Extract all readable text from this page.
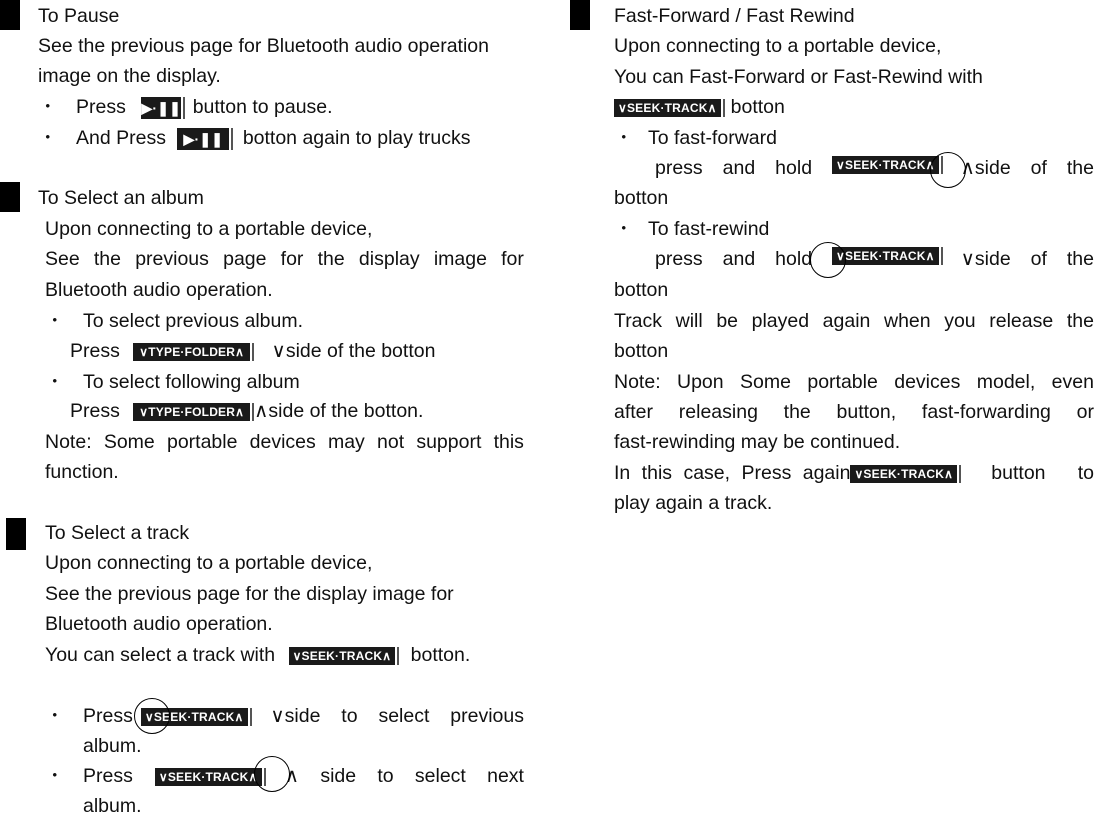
To Pause
See the previous page for Bluetooth audio operation
image on the display.
・ Press ▶·❚❚ button to pause.
・ And Press ▶·❚❚ botton again to play trucks
To Select an album
Upon connecting to a portable device,
See the previous page for the display image for
Bluetooth audio operation.
・ To select previous album.
Press ∨TYPE·FOLDER∧ ∨side of the botton
・ To select following album
Press ∨TYPE·FOLDER∧ ∧side of the botton.
Note: Some portable devices may not support this
function.
To Select a track
Upon connecting to a portable device,
See the previous page for the display image for
Bluetooth audio operation.
You can select a track with ∨SEEK·TRACK∧ botton.
・ Press ∨SEEK·TRACK∧	∨side to select previous
album.
・ Press ∨SEEK·TRACK∧	∧ side to select next
album.
Fast-Forward / Fast Rewind
Upon connecting to a portable device,
You can Fast-Forward or Fast-Rewind with
∨SEEK·TRACK∧ botton
・ To fast-forward
press and hold	∨SEEK·TRACK∧	∧side of the
botton
・ To fast-rewind
press and hold	∨SEEK·TRACK∧	∨side of the
botton
Track will be played again when you release the
botton
Note: Upon Some portable devices model, even
after releasing the button, fast-forwarding or
fast-rewinding may be continued.
In this case, Press again ∨SEEK·TRACK∧	button to
play again a track.
